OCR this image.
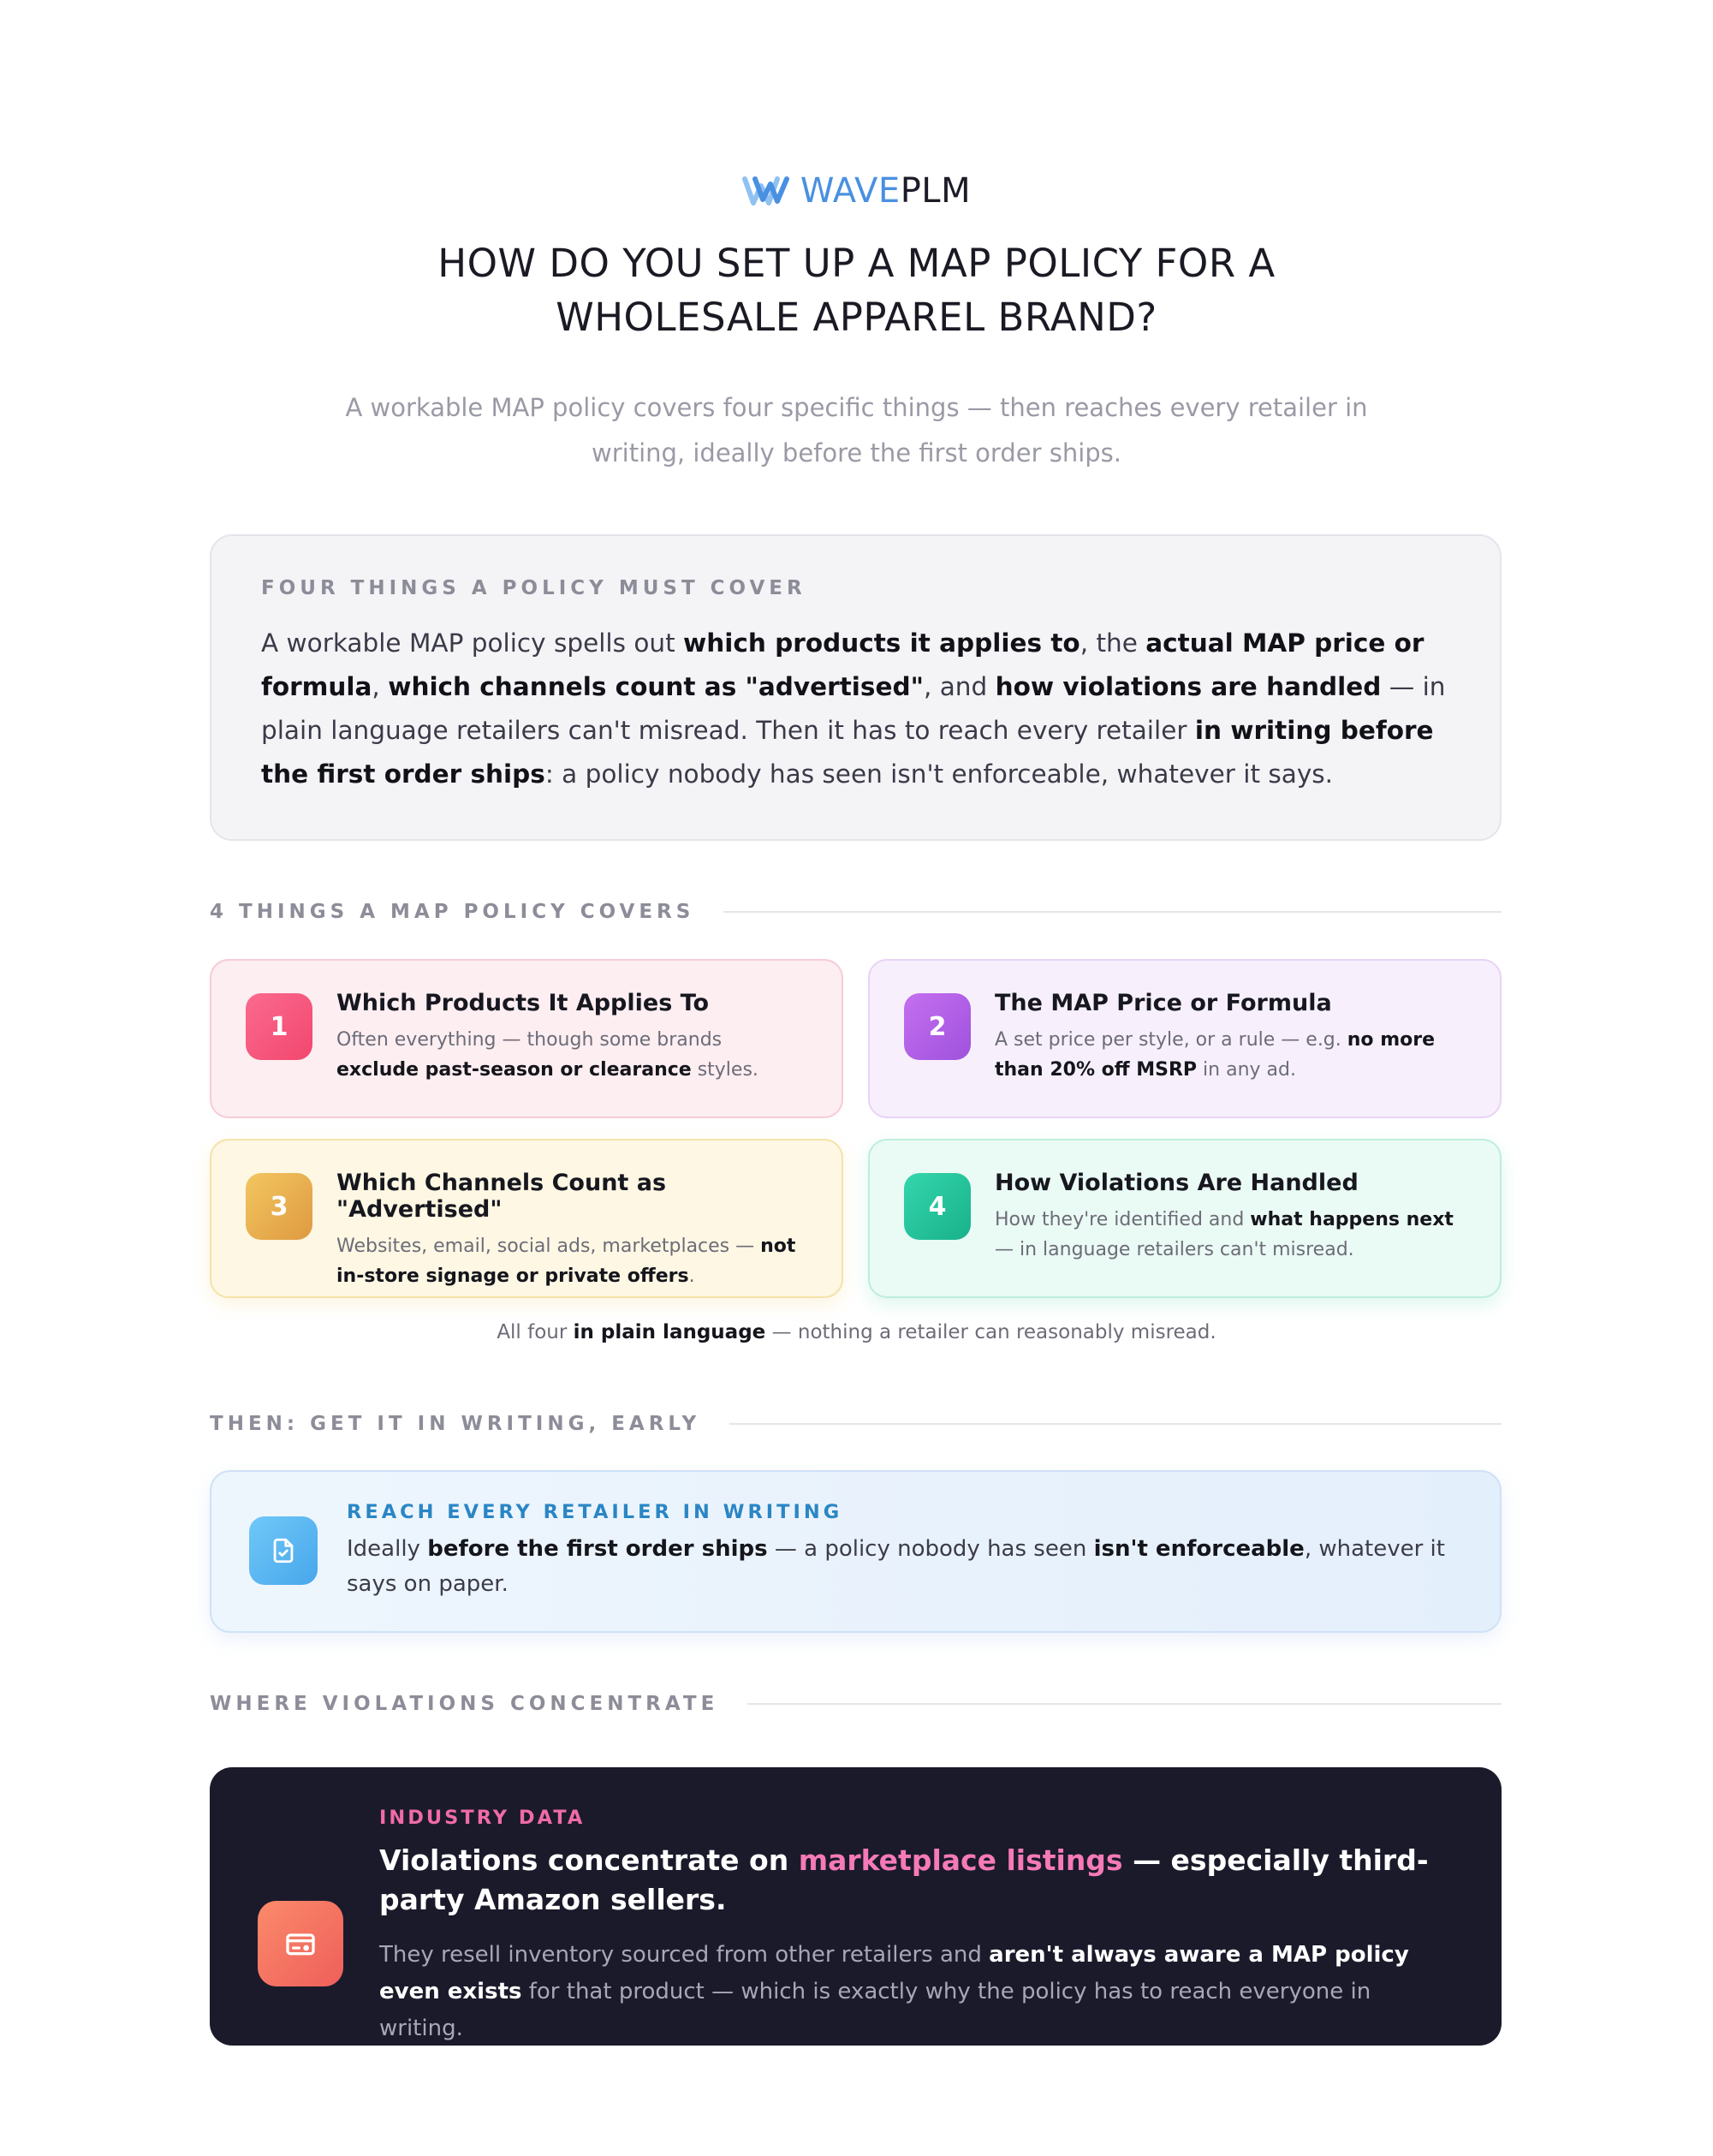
WAVEPLM
HOW DO YOU SET UP A MAP POLICY FOR A
WHOLESALE APPAREL BRAND?

A workable MAP policy covers four specific things — then reaches every retailer in
writing, ideally before the first order ships.

FOUR THINGS A POLICY MUST COVER

A workable MAP policy spells out which products it applies to, the actual MAP price or formula, which channels count as "advertised", and how violations are handled — in plain language retailers can't misread. Then it has to reach every retailer in writing before the first order ships: a policy nobody has seen isn't enforceable, whatever it says.

4 THINGS A MAP POLICY COVERS
1
Which Products It Applies To
Often everything — though some brands exclude past-season or clearance styles.
2
The MAP Price or Formula
A set price per style, or a rule — e.g. no more than 20% off MSRP in any ad.
3
Which Channels Count as "Advertised"
Websites, email, social ads, marketplaces — not in-store signage or private offers.
4
How Violations Are Handled
How they're identified and what happens next — in language retailers can't misread.

All four in plain language — nothing a retailer can reasonably misread.

THEN: GET IT IN WRITING, EARLY
REACH EVERY RETAILER IN WRITING

Ideally before the first order ships — a policy nobody has seen isn't enforceable, whatever it says on paper.

WHERE VIOLATIONS CONCENTRATE
INDUSTRY DATA
Violations concentrate on marketplace listings — especially third-party Amazon sellers.

They resell inventory sourced from other retailers and aren't always aware a MAP policy even exists for that product — which is exactly why the policy has to reach everyone in writing.
